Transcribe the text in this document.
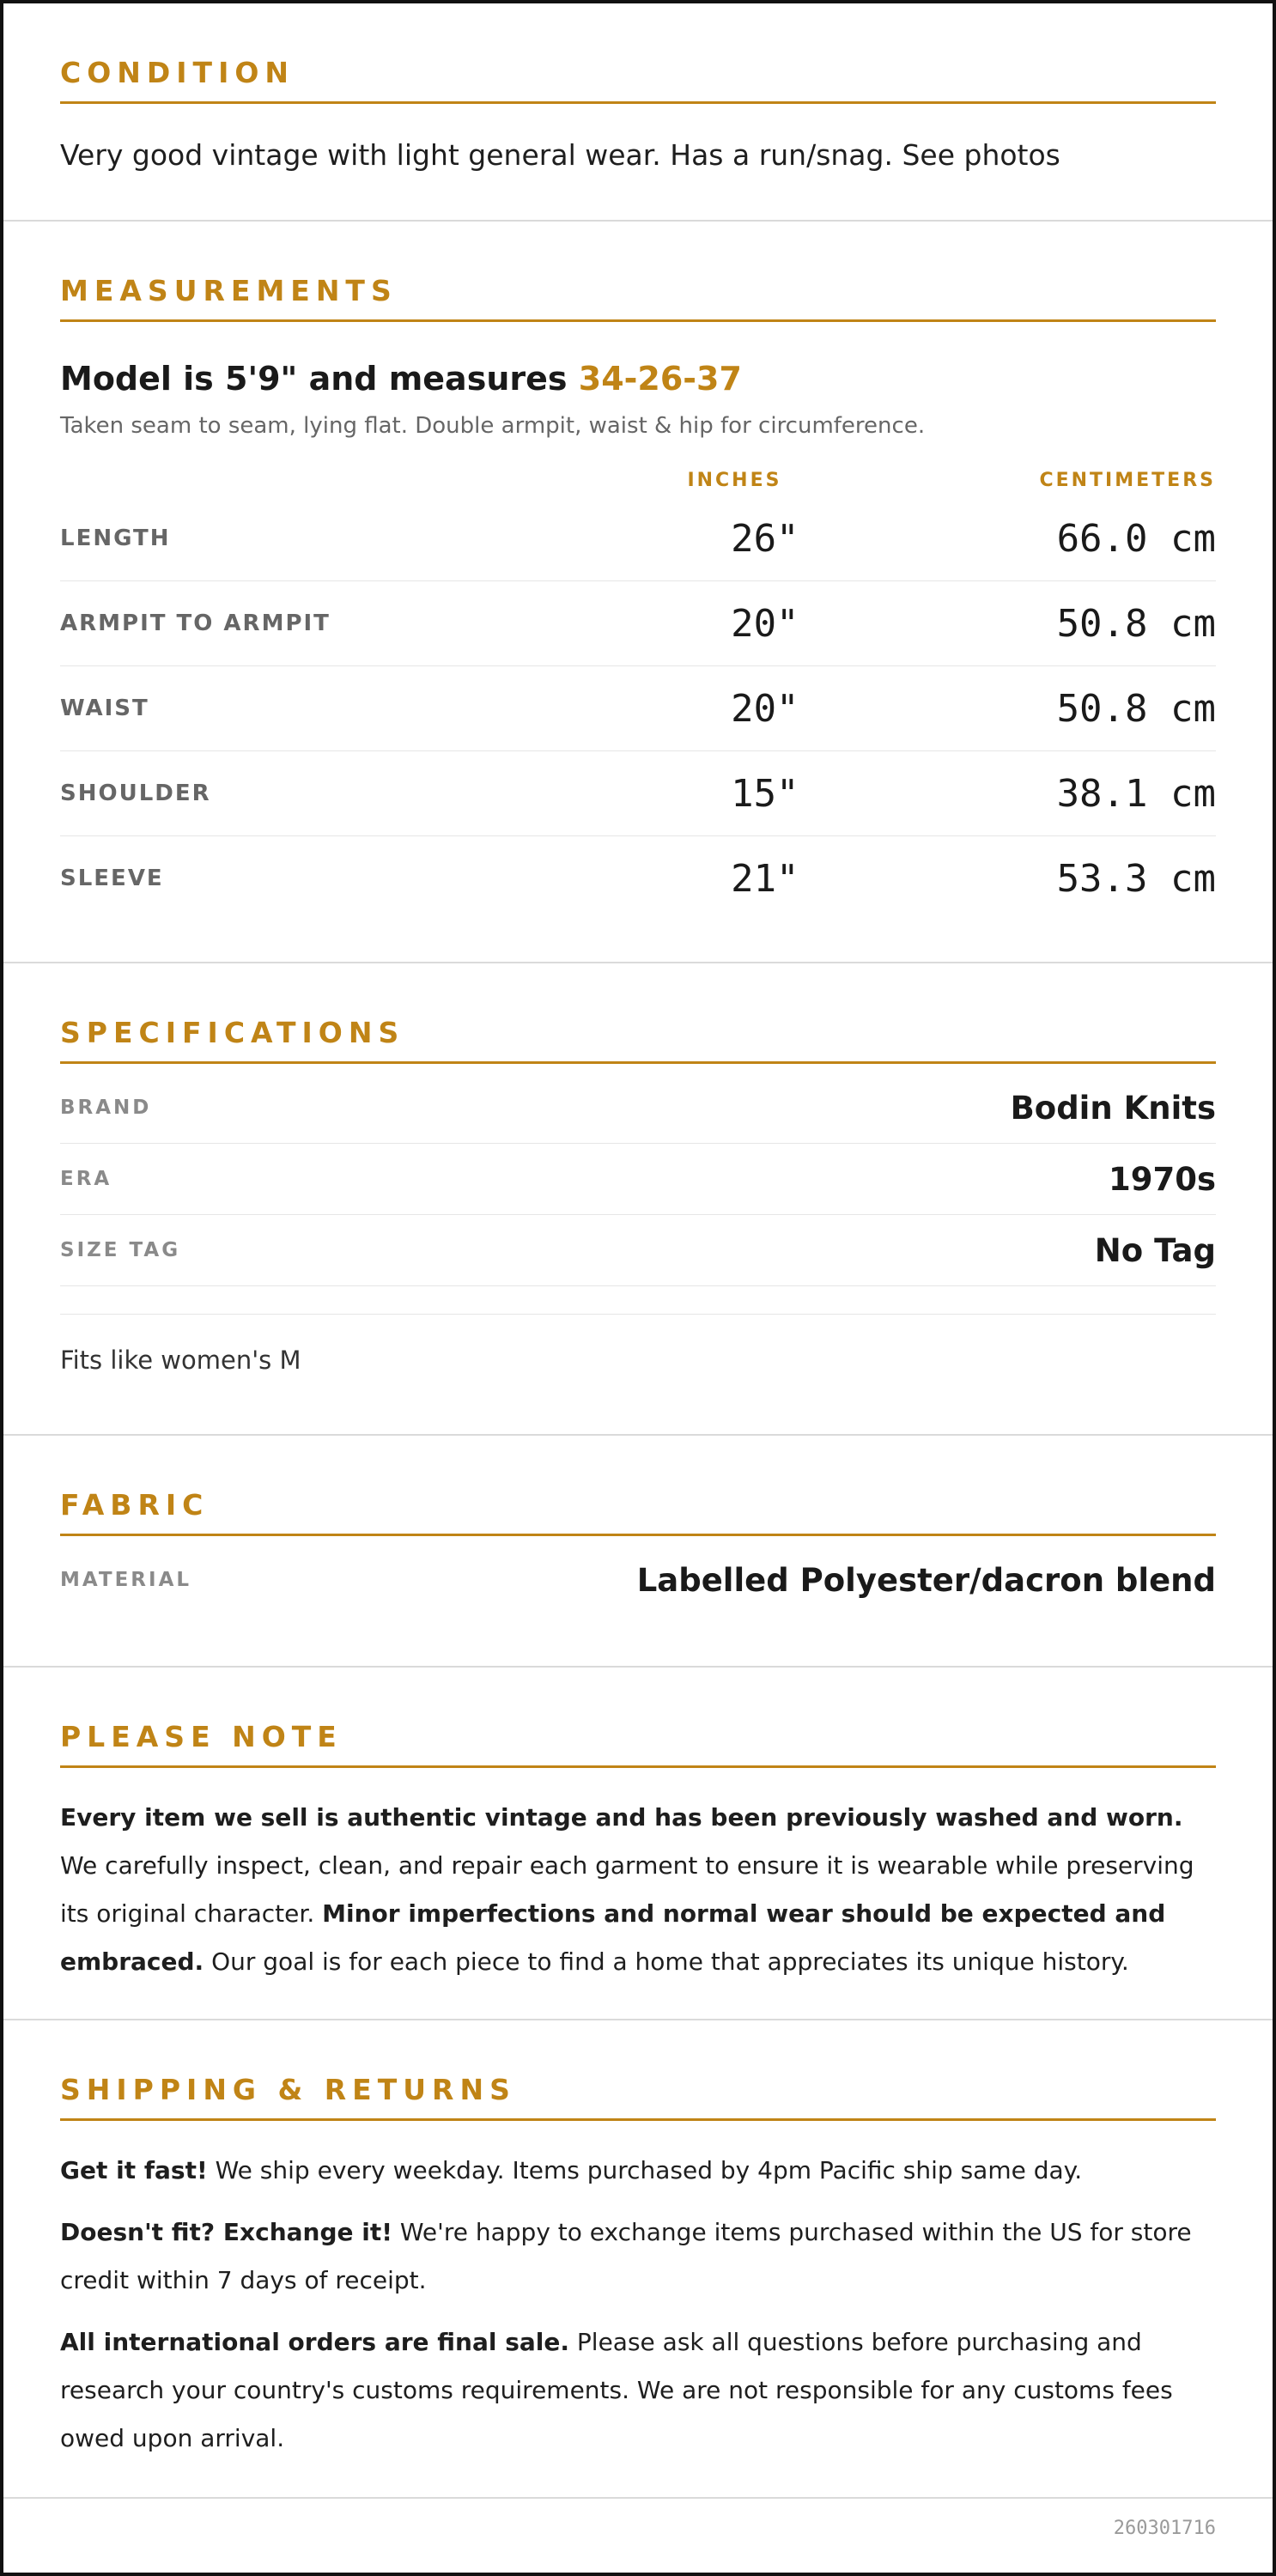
CONDITION
Very good vintage with light general wear. Has a run/snag. See photos
MEASUREMENTS
Model is 5'9" and measures 34-26-37
Taken seam to seam, lying flat. Double armpit, waist & hip for circumference.
INCHES	CENTIMETERS
LENGTH	26"	66.0 cm
ARMPIT TO ARMPIT	20"	50.8 cm
WAIST	20"	50.8 cm
SHOULDER	15"	38.1 cm
SLEEVE	21"	53.3 cm
SPECIFICATIONS
BRAND	Bodin Knits
ERA	1970s
SIZE TAG	No Tag
Fits like women's M
FABRIC
MATERIAL	Labelled Polyester/dacron blend
PLEASE NOTE

Every item we sell is authentic vintage and has been previously washed and worn. We carefully inspect, clean, and repair each garment to ensure it is wearable while preserving its original character. Minor imperfections and normal wear should be expected and embraced. Our goal is for each piece to find a home that appreciates its unique history.

SHIPPING & RETURNS

Get it fast! We ship every weekday. Items purchased by 4pm Pacific ship same day.

Doesn't fit? Exchange it! We're happy to exchange items purchased within the US for store credit within 7 days of receipt.

All international orders are final sale. Please ask all questions before purchasing and research your country's customs requirements. We are not responsible for any customs fees owed upon arrival.

260301716
